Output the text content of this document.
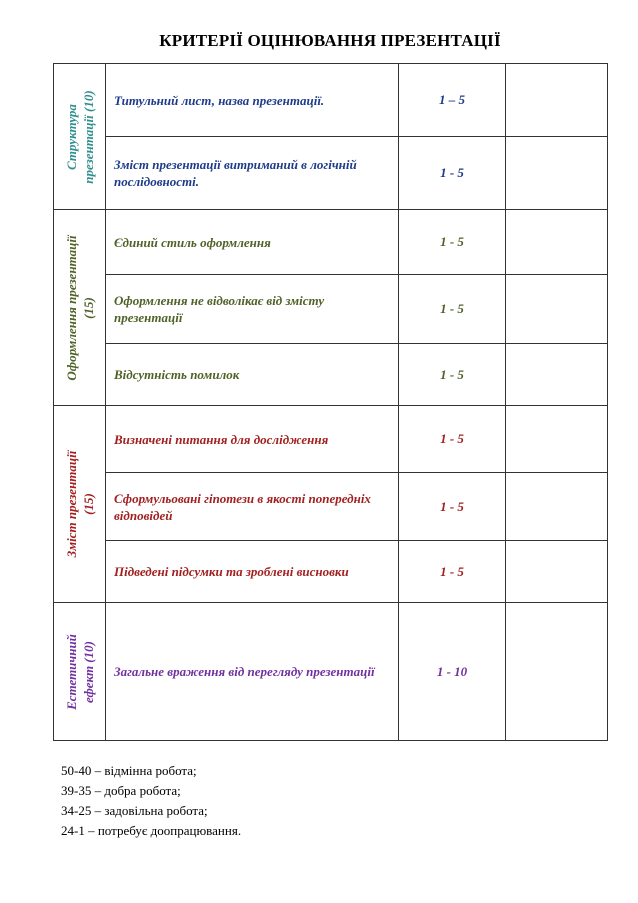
КРИТЕРІЇ ОЦІНЮВАННЯ ПРЕЗЕНТАЦІЇ
Структура презентації (10)	Титульний лист, назва презентації.	1 – 5	
	Зміст презентації витриманий в логічній послідовності.	1 - 5	

Оформлення презентації (15)	Єдиний стиль оформлення	1 - 5	
	Оформлення не відволікає від змісту презентації	1 - 5	
	Відсутність помилок	1 - 5	

Зміст презентації (15)	Визначені питання для дослідження	1 - 5	
	Сформульовані гіпотези в якості попередніх відповідей	1 - 5	
	Підведені підсумки та зроблені висновки	1 - 5	

Естетичний ефект (10)	Загальне враження від перегляду презентації	1 - 10	
50-40 – відмінна робота;
39-35 – добра робота;
34-25 – задовільна робота;
24-1 – потребує доопрацювання.
